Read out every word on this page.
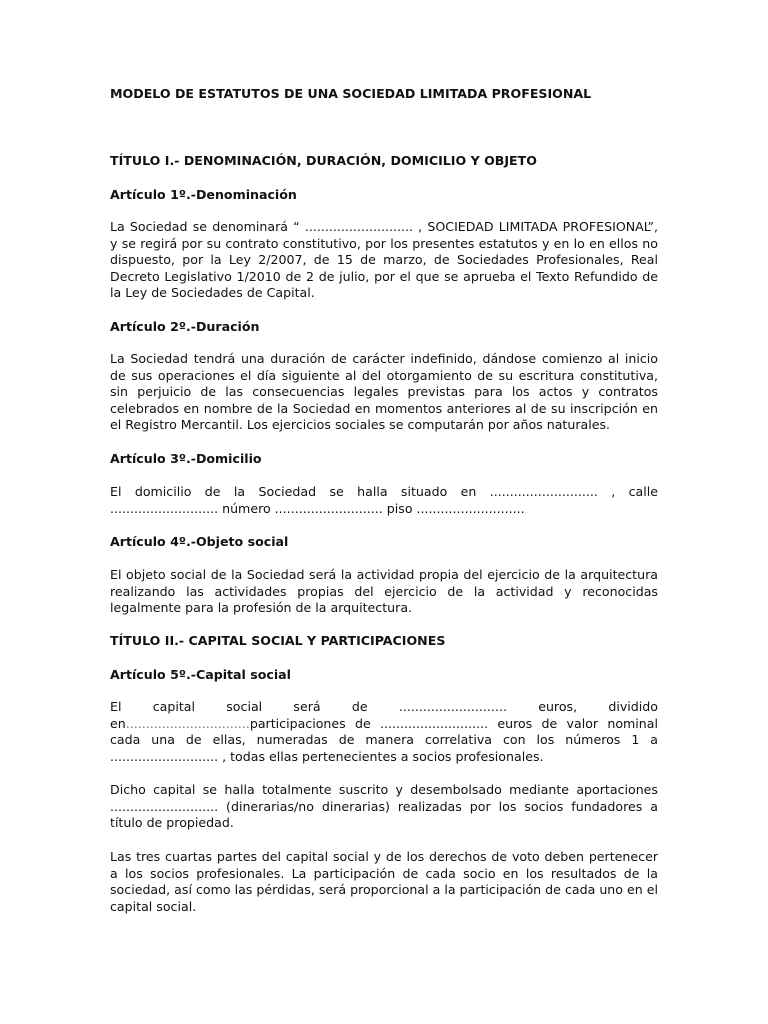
MODELO DE ESTATUTOS DE UNA SOCIEDAD LIMITADA PROFESIONAL

TÍTULO I.- DENOMINACIÓN, DURACIÓN, DOMICILIO Y OBJETO

Artículo 1º.-Denominación

La Sociedad se denominará “ ........................... , SOCIEDAD LIMITADA PROFESIONAL”, y se regirá por su contrato constitutivo, por los presentes estatutos y en lo en ellos no dispuesto, por la Ley 2/2007, de 15 de marzo, de Sociedades Profesionales, Real Decreto Legislativo 1/2010 de 2 de julio, por el que se aprueba el Texto Refundido de la Ley de Sociedades de Capital.

Artículo 2º.-Duración

La Sociedad tendrá una duración de carácter indefinido, dándose comienzo al inicio de sus operaciones el día siguiente al del otorgamiento de su escritura constitutiva, sin perjuicio de las consecuencias legales previstas para los actos y contratos celebrados en nombre de la Sociedad en momentos anteriores al de su inscripción en el Registro Mercantil. Los ejercicios sociales se computarán por años naturales.

Artículo 3º.-Domicilio

El domicilio de la Sociedad se halla situado en ........................... , calle ........................... número ........................... piso ...........................

Artículo 4º.-Objeto social

El objeto social de la Sociedad será la actividad propia del ejercicio de la arquitectura realizando las actividades propias del ejercicio de la actividad y reconocidas legalmente para la profesión de la arquitectura.

TÍTULO II.- CAPITAL SOCIAL Y PARTICIPACIONES

Artículo 5º.-Capital social

El capital social será de ........................... euros, dividido en...............................participaciones de ........................... euros de valor nominal cada una de ellas, numeradas de manera correlativa con los números 1 a ........................... , todas ellas pertenecientes a socios profesionales.

Dicho capital se halla totalmente suscrito y desembolsado mediante aportaciones ........................... (dinerarias/no dinerarias) realizadas por los socios fundadores a título de propiedad.

Las tres cuartas partes del capital social y de los derechos de voto deben pertenecer a los socios profesionales. La participación de cada socio en los resultados de la sociedad, así como las pérdidas, será proporcional a la participación de cada uno en el capital social.
